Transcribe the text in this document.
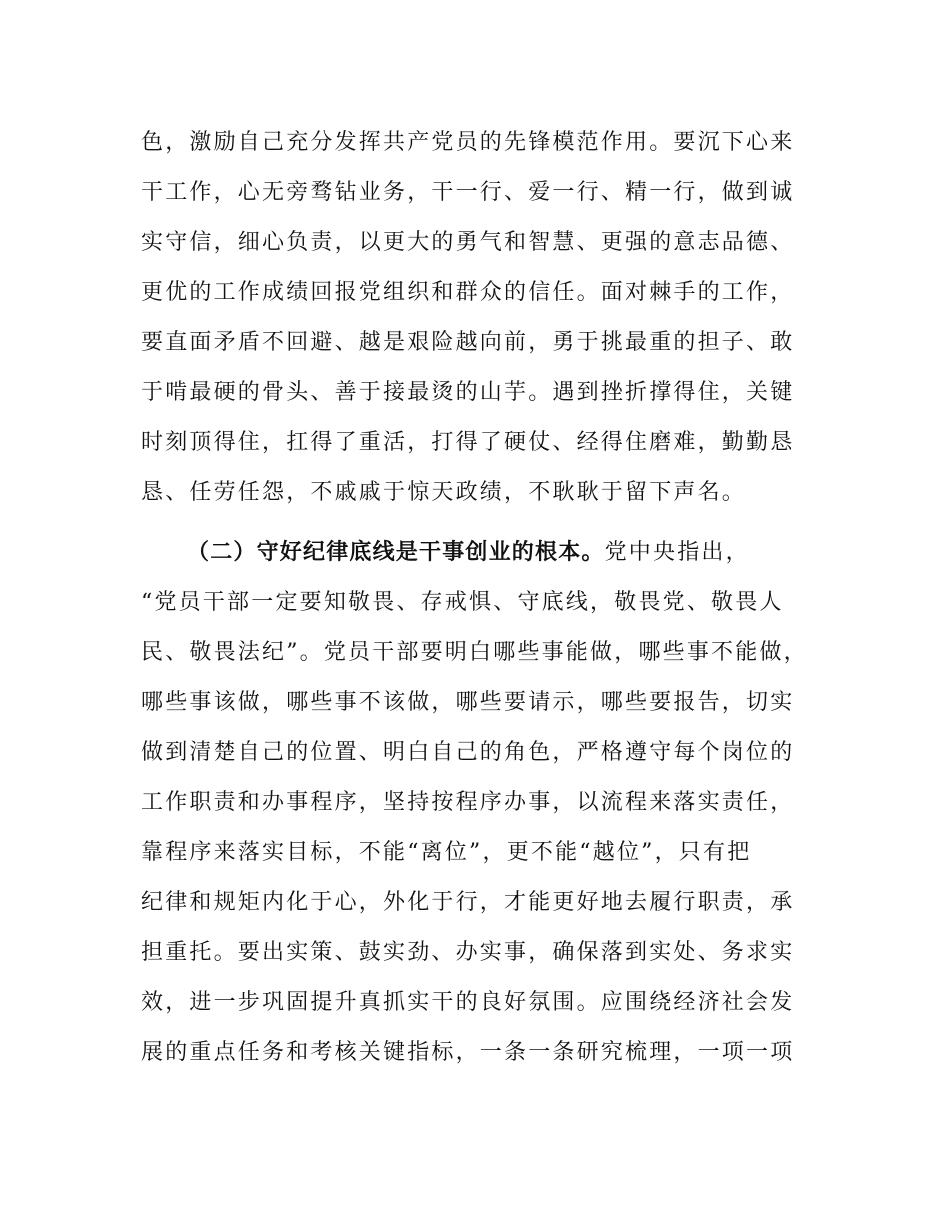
色，激励自己充分发挥共产党员的先锋模范作用。要沉下心来
干工作，心无旁骛钻业务，干一行、爱一行、精一行，做到诚
实守信，细心负责，以更大的勇气和智慧、更强的意志品德、
更优的工作成绩回报党组织和群众的信任。面对棘手的工作，
要直面矛盾不回避、越是艰险越向前，勇于挑最重的担子、敢
于啃最硬的骨头、善于接最烫的山芋。遇到挫折撑得住，关键
时刻顶得住，扛得了重活，打得了硬仗、经得住磨难，勤勤恳
恳、任劳任怨，不戚戚于惊天政绩，不耿耿于留下声名。
（二）守好纪律底线是干事创业的根本。党中央指出，
“党员干部一定要知敬畏、存戒惧、守底线，敬畏党、敬畏人
民、敬畏法纪”。党员干部要明白哪些事能做，哪些事不能做，
哪些事该做，哪些事不该做，哪些要请示，哪些要报告，切实
做到清楚自己的位置、明白自己的角色，严格遵守每个岗位的
工作职责和办事程序，坚持按程序办事，以流程来落实责任，
靠程序来落实目标，不能“离位”，更不能“越位”，只有把
纪律和规矩内化于心，外化于行，才能更好地去履行职责，承
担重托。要出实策、鼓实劲、办实事，确保落到实处、务求实
效，进一步巩固提升真抓实干的良好氛围。应围绕经济社会发
展的重点任务和考核关键指标，一条一条研究梳理，一项一项
